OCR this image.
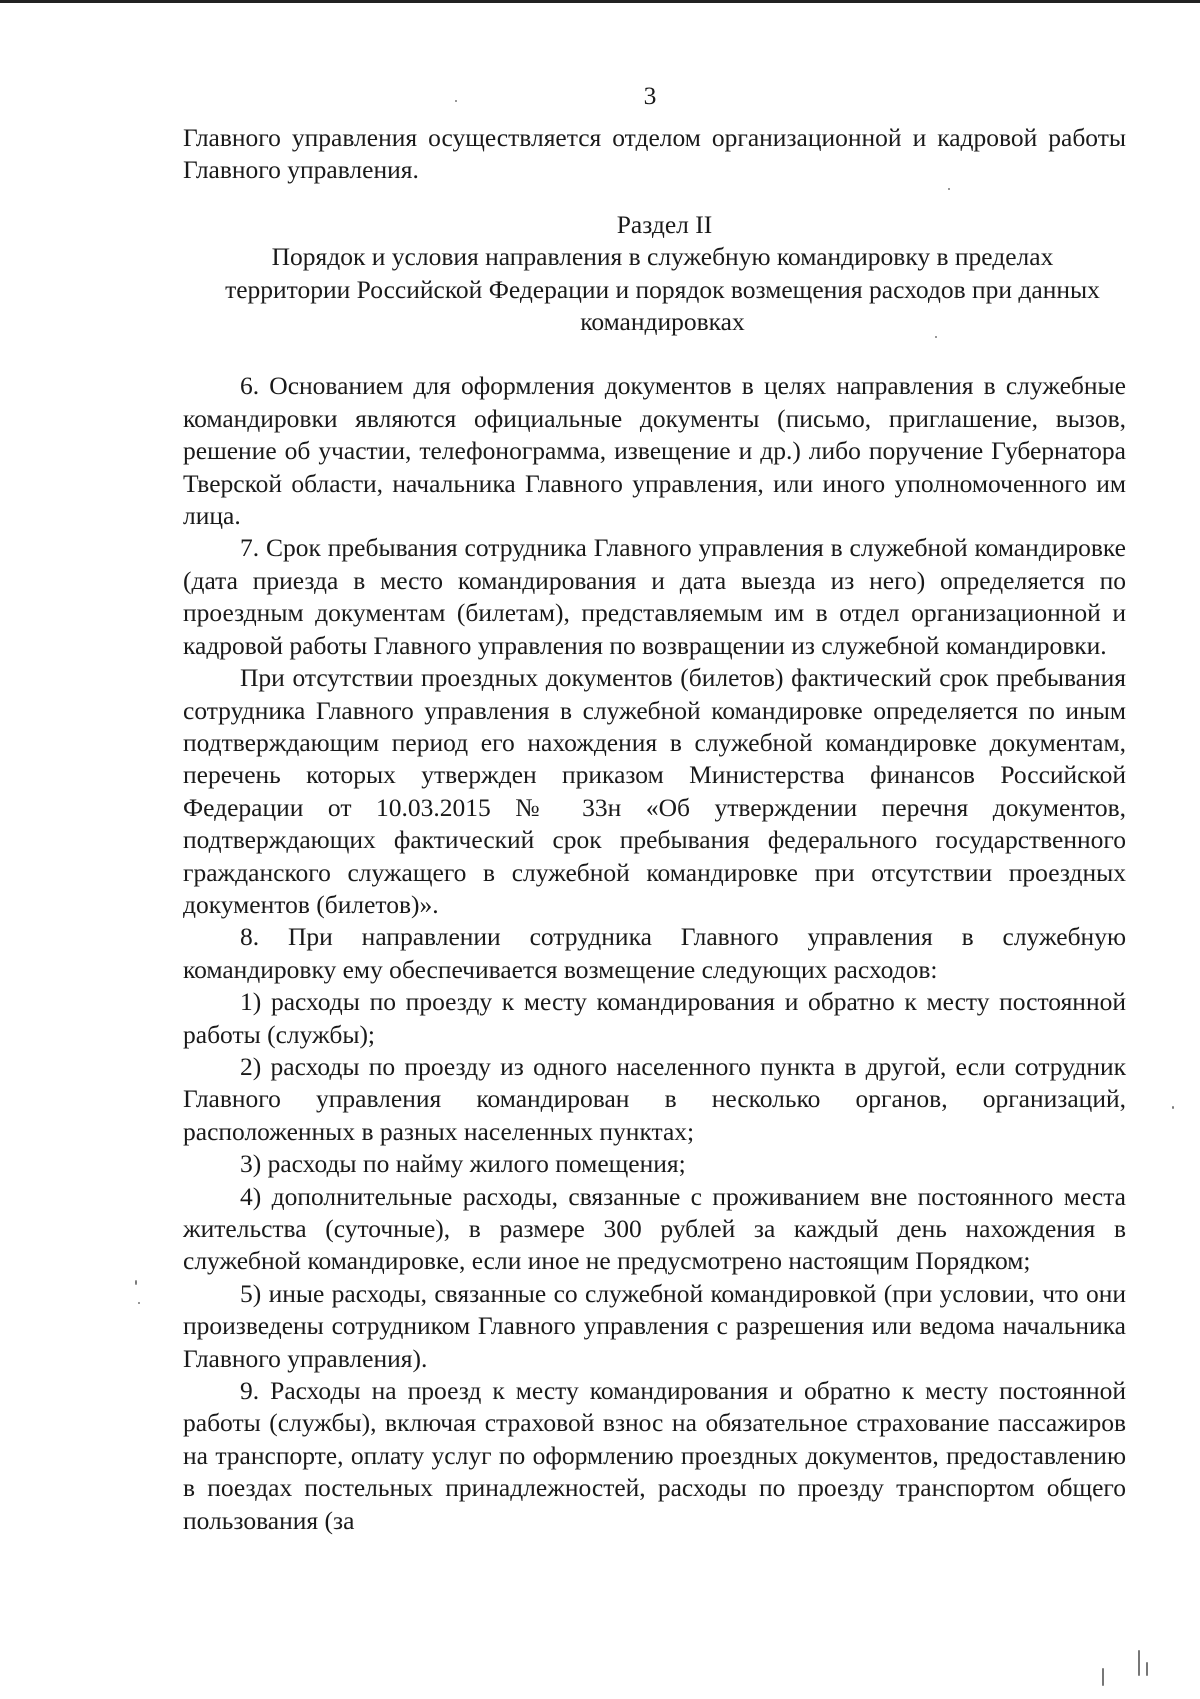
3

Главного управления осуществляется отделом организационной и кадровой работы Главного управления.

Раздел II

Порядок и условия направления в служебную командировку в пределах территории Российской Федерации и порядок возмещения расходов при данных командировках

6. Основанием для оформления документов в целях направления в служебные командировки являются официальные документы (письмо, приглашение, вызов, решение об участии, телефонограмма, извещение и др.) либо поручение Губернатора Тверской области, начальника Главного управления, или иного уполномоченного им лица.

7. Срок пребывания сотрудника Главного управления в служебной командировке (дата приезда в место командирования и дата выезда из него) определяется по проездным документам (билетам), представляемым им в отдел организационной и кадровой работы Главного управления по возвращении из служебной командировки.

При отсутствии проездных документов (билетов) фактический срок пребывания сотрудника Главного управления в служебной командировке определяется по иным подтверждающим период его нахождения в служебной командировке документам, перечень которых утвержден приказом Министерства финансов Российской Федерации от 10.03.2015 № 33н «Об утверждении перечня документов, подтверждающих фактический срок пребывания федерального государственного гражданского служащего в служебной командировке при отсутствии проездных документов (билетов)».

8. При направлении сотрудника Главного управления в служебную командировку ему обеспечивается возмещение следующих расходов:

1) расходы по проезду к месту командирования и обратно к месту постоянной работы (службы);

2) расходы по проезду из одного населенного пункта в другой, если сотрудник Главного управления командирован в несколько органов, организаций, расположенных в разных населенных пунктах;

3) расходы по найму жилого помещения;

4) дополнительные расходы, связанные с проживанием вне постоянного места жительства (суточные), в размере 300 рублей за каждый день нахождения в служебной командировке, если иное не предусмотрено настоящим Порядком;

5) иные расходы, связанные со служебной командировкой (при условии, что они произведены сотрудником Главного управления с разрешения или ведома начальника Главного управления).

9. Расходы на проезд к месту командирования и обратно к месту постоянной работы (службы), включая страховой взнос на обязательное страхование пассажиров на транспорте, оплату услуг по оформлению проездных документов, предоставлению в поездах постельных принадлежностей, расходы по проезду транспортом общего пользования (за
